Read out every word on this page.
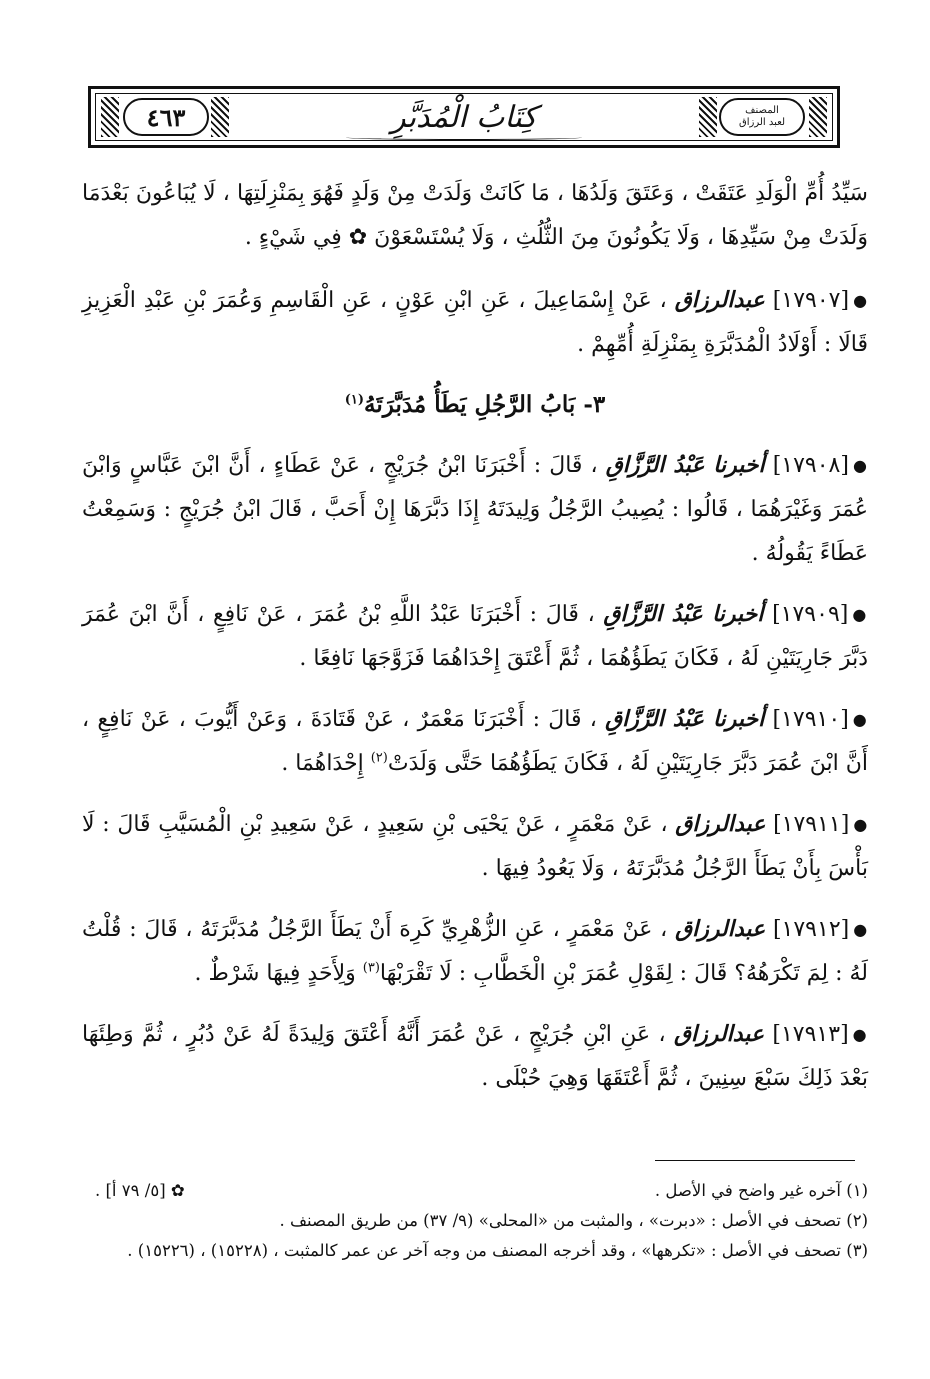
٤٦٣	كِتَابُ الْمُدَبَّرِ	المصنف
لعبد الرزاق

سَيِّدُ أُمِّ الْوَلَدِ عَتَقَتْ ، وَعَتَقَ وَلَدُهَا ، مَا كَانَتْ وَلَدَتْ مِنْ وَلَدٍ فَهُوَ بِمَنْزِلَتِهَا ، لَا يُبَاعُونَ بَعْدَمَا وَلَدَتْ مِنْ سَيِّدِهَا ، وَلَا يَكُونُونَ مِنَ الثُّلُثِ ، وَلَا يُسْتَسْعَوْنَ ✿ فِي شَيْءٍ .

●[١٧٩٠٧] عبدالرزاق ، عَنْ إِسْمَاعِيلَ ، عَنِ ابْنِ عَوْنٍ ، عَنِ الْقَاسِمِ وَعُمَرَ بْنِ عَبْدِ الْعَزِيزِ قَالَا : أَوْلَادُ الْمُدَبَّرَةِ بِمَنْزِلَةِ أُمِّهِمْ .

٣- بَابُ الرَّجُلِ يَطَأُ مُدَبَّرَتَهُ$^{(١)}$

●[١٧٩٠٨] أخبرنا عَبْدُ الرَّزَّاقِ ، قَالَ : أَخْبَرَنَا ابْنُ جُرَيْجٍ ، عَنْ عَطَاءٍ ، أَنَّ ابْنَ عَبَّاسٍ وَابْنَ عُمَرَ وَغَيْرَهُمَا ، قَالُوا : يُصِيبُ الرَّجُلُ وَلِيدَتَهُ إِذَا دَبَّرَهَا إِنْ أَحَبَّ ، قَالَ ابْنُ جُرَيْجٍ : وَسَمِعْتُ عَطَاءً يَقُولُهُ .

●[١٧٩٠٩] أخبرنا عَبْدُ الرَّزَّاقِ ، قَالَ : أَخْبَرَنَا عَبْدُ اللَّهِ بْنُ عُمَرَ ، عَنْ نَافِعٍ ، أَنَّ ابْنَ عُمَرَ دَبَّرَ جَارِيَتَيْنِ لَهُ ، فَكَانَ يَطَؤُهُمَا ، ثُمَّ أَعْتَقَ إِحْدَاهُمَا فَزَوَّجَهَا نَافِعًا .

●[١٧٩١٠] أخبرنا عَبْدُ الرَّزَّاقِ ، قَالَ : أَخْبَرَنَا مَعْمَرٌ ، عَنْ قَتَادَةَ ، وَعَنْ أَيُّوبَ ، عَنْ نَافِعٍ ، أَنَّ ابْنَ عُمَرَ دَبَّرَ جَارِيَتَيْنِ لَهُ ، فَكَانَ يَطَؤُهُمَا حَتَّى وَلَدَتْ$^{(٢)}$ إِحْدَاهُمَا .

●[١٧٩١١] عبدالرزاق ، عَنْ مَعْمَرٍ ، عَنْ يَحْيَى بْنِ سَعِيدٍ ، عَنْ سَعِيدِ بْنِ الْمُسَيَّبِ قَالَ : لَا بَأْسَ بِأَنْ يَطَأَ الرَّجُلُ مُدَبَّرَتَهُ ، وَلَا يَعُودُ فِيهَا .

●[١٧٩١٢] عبدالرزاق ، عَنْ مَعْمَرٍ ، عَنِ الزُّهْرِيِّ كَرِهَ أَنْ يَطَأَ الرَّجُلُ مُدَبَّرَتَهُ ، قَالَ : قُلْتُ لَهُ : لِمَ تَكْرَهُهُ؟ قَالَ : لِقَوْلِ عُمَرَ بْنِ الْخَطَّابِ : لَا تَقْرَبْهَا$^{(٣)}$ وَلِأَحَدٍ فِيهَا شَرْطٌ .

●[١٧٩١٣] عبدالرزاق ، عَنِ ابْنِ جُرَيْجٍ ، عَنْ عُمَرَ أَنَّهُ أَعْتَقَ وَلِيدَةً لَهُ عَنْ دُبُرٍ ، ثُمَّ وَطِئَهَا بَعْدَ ذَلِكَ سَبْعَ سِنِينَ ، ثُمَّ أَعْتَقَهَا وَهِيَ حُبْلَى .

(١) آخره غير واضح في الأصل .
✿ [٥/ ٧٩ أ] .

(٢) تصحف في الأصل : «دبرت» ، والمثبت من «المحلى» (٩/ ٣٧) من طريق المصنف .

(٣) تصحف في الأصل : «تكرهها» ، وقد أخرجه المصنف من وجه آخر عن عمر كالمثبت ، (١٥٢٢٨) ، (١٥٢٢٦) .
